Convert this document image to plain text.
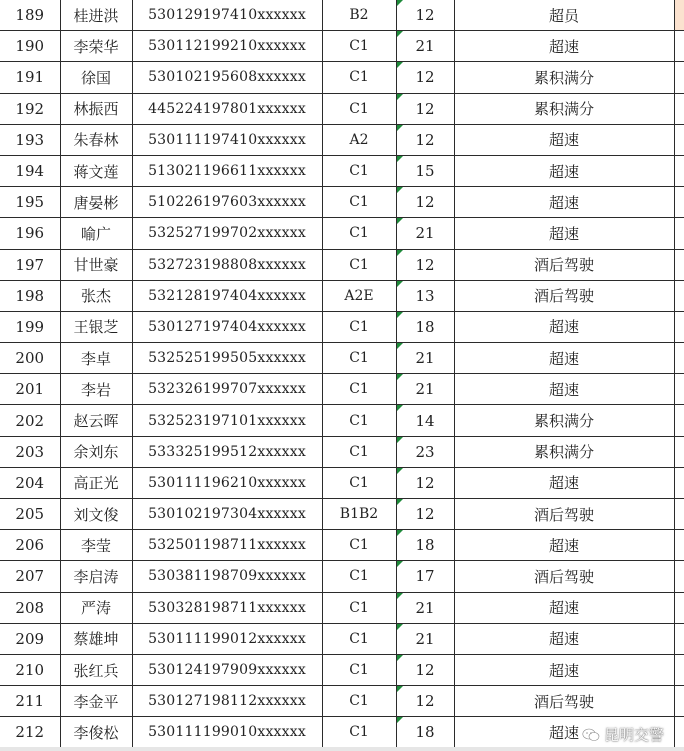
189	桂进洪	530129197410xxxxxx	B2	12	超员	
190	李荣华	530112199210xxxxxx	C1	21	超速	
191	徐国	530102195608xxxxxx	C1	12	累积满分	
192	林振西	445224197801xxxxxx	C1	12	累积满分	
193	朱春林	530111197410xxxxxx	A2	12	超速	
194	蒋文莲	513021196611xxxxxx	C1	15	超速	
195	唐晏彬	510226197603xxxxxx	C1	12	超速	
196	喻广	532527199702xxxxxx	C1	21	超速	
197	甘世豪	532723198808xxxxxx	C1	12	酒后驾驶	
198	张杰	532128197404xxxxxx	A2E	13	酒后驾驶	
199	王银芝	530127197404xxxxxx	C1	18	超速	
200	李卓	532525199505xxxxxx	C1	21	超速	
201	李岩	532326199707xxxxxx	C1	21	超速	
202	赵云晖	532523197101xxxxxx	C1	14	累积满分	
203	余刘东	533325199512xxxxxx	C1	23	累积满分	
204	高正光	530111196210xxxxxx	C1	12	超速	
205	刘文俊	530102197304xxxxxx	B1B2	12	酒后驾驶	
206	李莹	532501198711xxxxxx	C1	18	超速	
207	李启涛	530381198709xxxxxx	C1	17	酒后驾驶	
208	严涛	530328198711xxxxxx	C1	21	超速	
209	蔡雄坤	530111199012xxxxxx	C1	21	超速	
210	张红兵	530124197909xxxxxx	C1	12	超速	
211	李金平	530127198112xxxxxx	C1	12	酒后驾驶	
212	李俊松	530111199010xxxxxx	C1	18	超速	昆明交警
